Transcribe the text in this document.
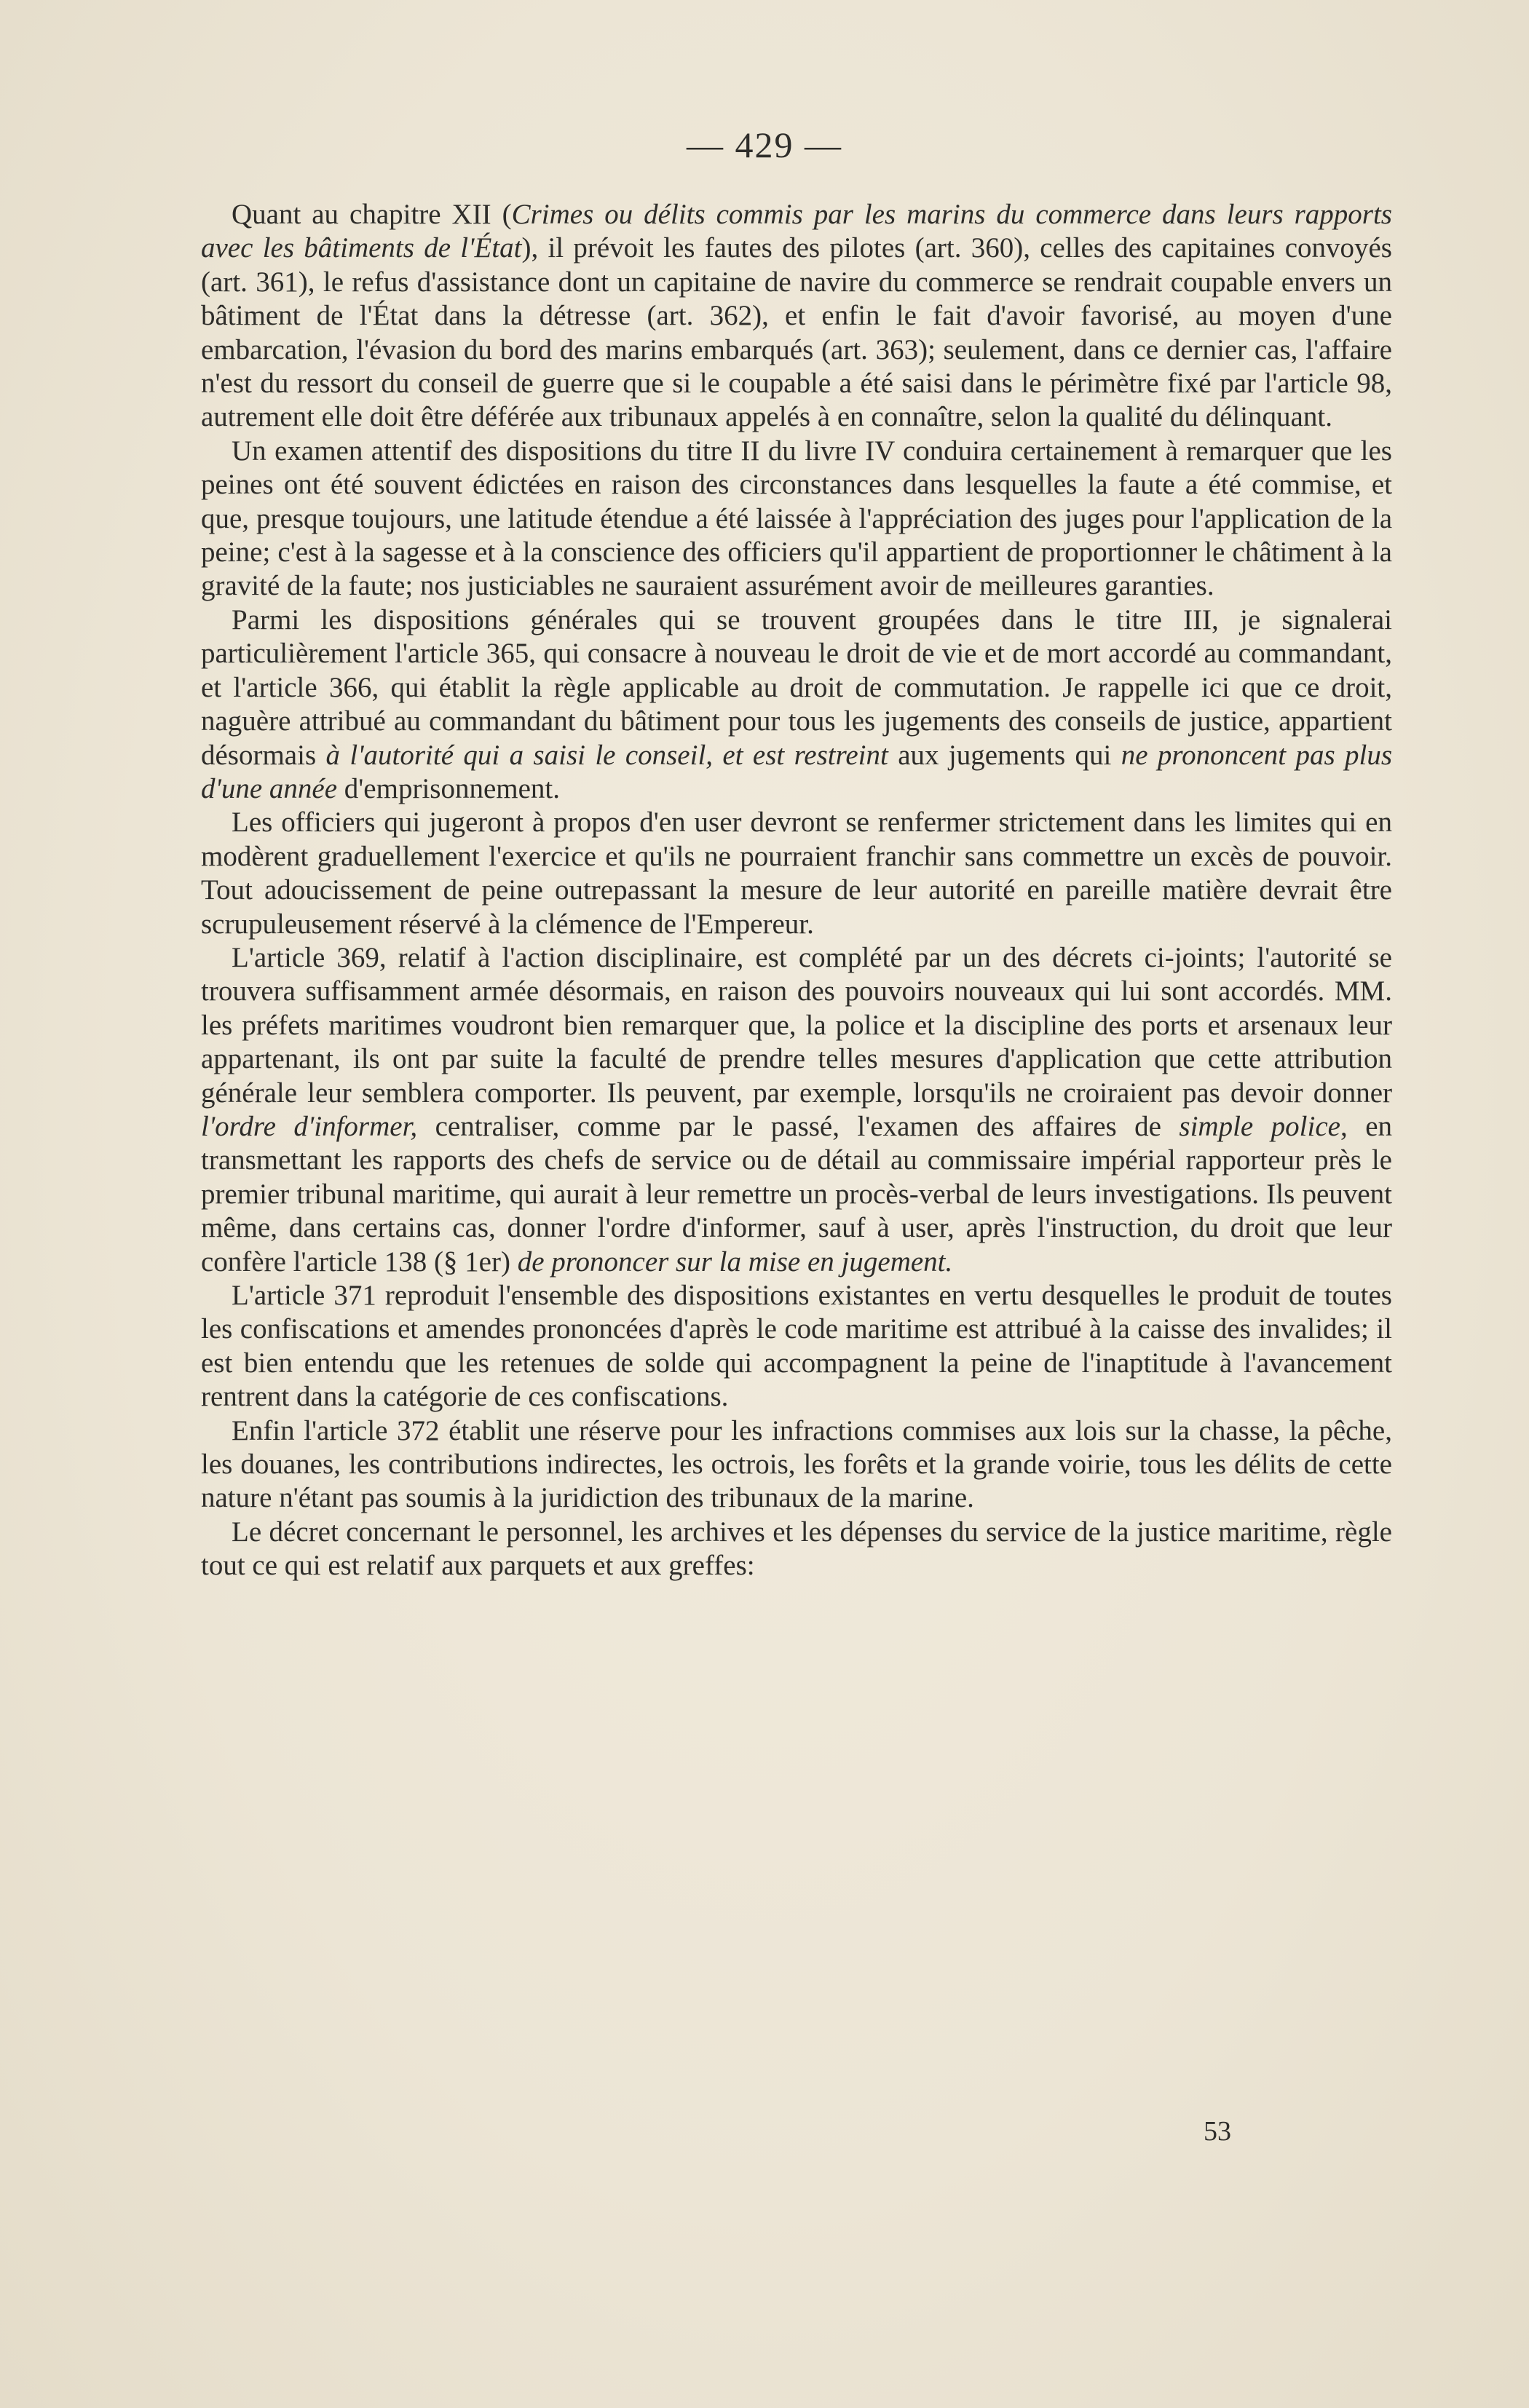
— 429 —

Quant au chapitre XII (Crimes ou délits commis par les marins du commerce dans leurs rapports avec les bâtiments de l'État), il prévoit les fautes des pilotes (art. 360), celles des capitaines convoyés (art. 361), le refus d'assistance dont un capitaine de navire du commerce se rendrait coupable envers un bâtiment de l'État dans la détresse (art. 362), et enfin le fait d'avoir favorisé, au moyen d'une embarcation, l'évasion du bord des marins embarqués (art. 363); seulement, dans ce dernier cas, l'affaire n'est du ressort du conseil de guerre que si le coupable a été saisi dans le périmètre fixé par l'article 98, autrement elle doit être déférée aux tribunaux appelés à en connaître, selon la qualité du délinquant.

Un examen attentif des dispositions du titre II du livre IV conduira certainement à remarquer que les peines ont été souvent édictées en raison des circonstances dans lesquelles la faute a été commise, et que, presque toujours, une latitude étendue a été laissée à l'appréciation des juges pour l'application de la peine; c'est à la sagesse et à la conscience des officiers qu'il appartient de proportionner le châtiment à la gravité de la faute; nos justiciables ne sauraient assurément avoir de meilleures garanties.

Parmi les dispositions générales qui se trouvent groupées dans le titre III, je signalerai particulièrement l'article 365, qui consacre à nouveau le droit de vie et de mort accordé au commandant, et l'article 366, qui établit la règle applicable au droit de commutation. Je rappelle ici que ce droit, naguère attribué au commandant du bâtiment pour tous les jugements des conseils de justice, appartient désormais à l'autorité qui a saisi le conseil, et est restreint aux jugements qui ne prononcent pas plus d'une année d'emprisonnement.

Les officiers qui jugeront à propos d'en user devront se renfermer strictement dans les limites qui en modèrent graduellement l'exercice et qu'ils ne pourraient franchir sans commettre un excès de pouvoir. Tout adoucissement de peine outrepassant la mesure de leur autorité en pareille matière devrait être scrupuleusement réservé à la clémence de l'Empereur.

L'article 369, relatif à l'action disciplinaire, est complété par un des décrets ci-joints; l'autorité se trouvera suffisamment armée désormais, en raison des pouvoirs nouveaux qui lui sont accordés. MM. les préfets maritimes voudront bien remarquer que, la police et la discipline des ports et arsenaux leur appartenant, ils ont par suite la faculté de prendre telles mesures d'application que cette attribution générale leur semblera comporter. Ils peuvent, par exemple, lorsqu'ils ne croiraient pas devoir donner l'ordre d'informer, centraliser, comme par le passé, l'examen des affaires de simple police, en transmettant les rapports des chefs de service ou de détail au commissaire impérial rapporteur près le premier tribunal maritime, qui aurait à leur remettre un procès-verbal de leurs investigations. Ils peuvent même, dans certains cas, donner l'ordre d'informer, sauf à user, après l'instruction, du droit que leur confère l'article 138 (§ 1er) de prononcer sur la mise en jugement.

L'article 371 reproduit l'ensemble des dispositions existantes en vertu desquelles le produit de toutes les confiscations et amendes prononcées d'après le code maritime est attribué à la caisse des invalides; il est bien entendu que les retenues de solde qui accompagnent la peine de l'inaptitude à l'avancement rentrent dans la catégorie de ces confiscations.

Enfin l'article 372 établit une réserve pour les infractions commises aux lois sur la chasse, la pêche, les douanes, les contributions indirectes, les octrois, les forêts et la grande voirie, tous les délits de cette nature n'étant pas soumis à la juridiction des tribunaux de la marine.

Le décret concernant le personnel, les archives et les dépenses du service de la justice maritime, règle tout ce qui est relatif aux parquets et aux greffes:

53
